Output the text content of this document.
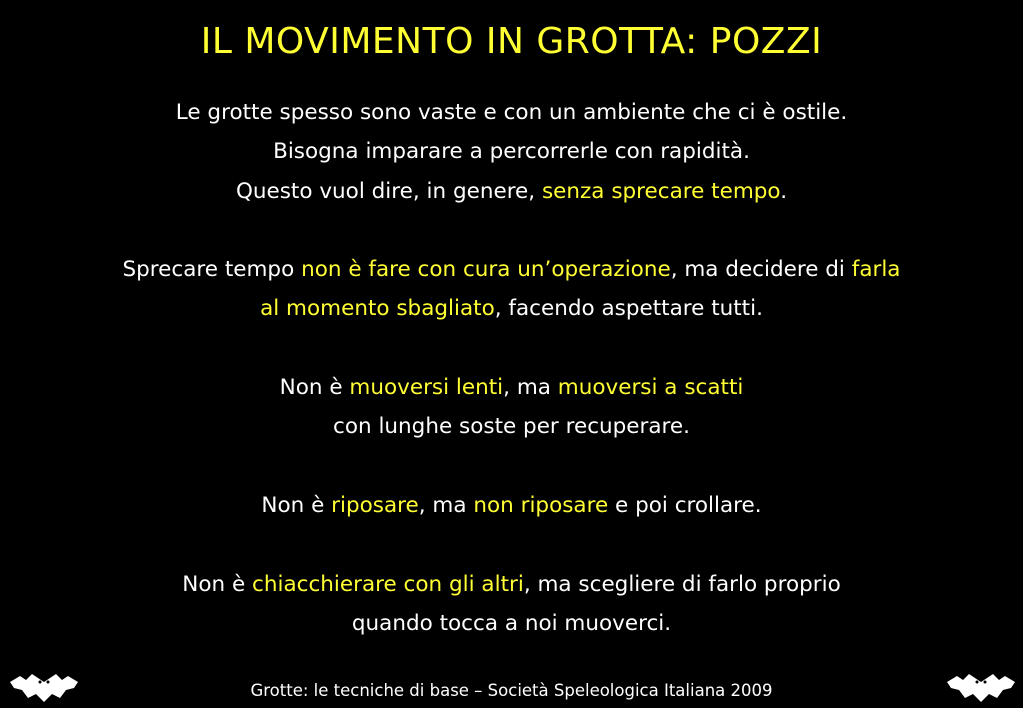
IL MOVIMENTO IN GROTTA: POZZI
Le grotte spesso sono vaste e con un ambiente che ci è ostile.
Bisogna imparare a percorrerle con rapidità.
Questo vuol dire, in genere, senza sprecare tempo.
Sprecare tempo non è fare con cura un’operazione, ma decidere di farla
al momento sbagliato, facendo aspettare tutti.
Non è muoversi lenti, ma muoversi a scatti
con lunghe soste per recuperare.
Non è riposare, ma non riposare e poi crollare.
Non è chiacchierare con gli altri, ma scegliere di farlo proprio
quando tocca a noi muoverci.
Grotte: le tecniche di base – Società Speleologica Italiana 2009
